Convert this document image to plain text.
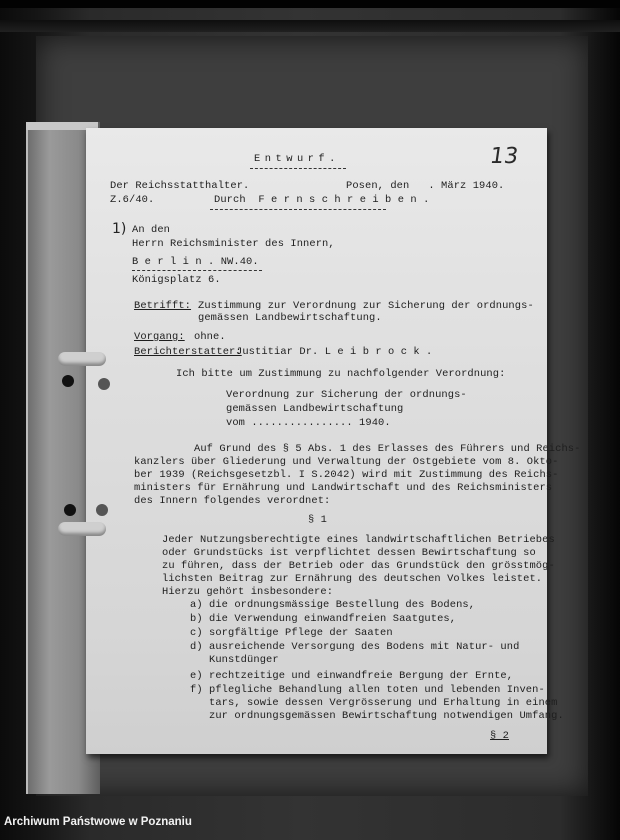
Entwurf.	13
Der Reichsstatthalter.	Posen, den   . März 1940.
Z.6/40.	Durch  F e r n s c h r e i b e n .
1) An den
Herrn Reichsminister des Innern,
B e r l i n . NW.40.
Königsplatz 6.
Betrifft: Zustimmung zur Verordnung zur Sicherung der ordnungs-
gemässen Landbewirtschaftung.
Vorgang: ohne.
Berichterstatter:
Justitiar Dr. L e i b r o c k .
Ich bitte um Zustimmung zu nachfolgender Verordnung:
Verordnung zur Sicherung der ordnungs-
gemässen Landbewirtschaftung
vom ................ 1940.
Auf Grund des § 5 Abs. 1 des Erlasses des Führers und Reichs-
kanzlers über Gliederung und Verwaltung der Ostgebiete vom 8. Okto-
ber 1939 (Reichsgesetzbl. I S.2042) wird mit Zustimmung des Reichs-
ministers für Ernährung und Landwirtschaft und des Reichsministers
des Innern folgendes verordnet:
§ 1
Jeder Nutzungsberechtigte eines landwirtschaftlichen Betriebes
oder Grundstücks ist verpflichtet dessen Bewirtschaftung so
zu führen, dass der Betrieb oder das Grundstück den grösstmög-
lichsten Beitrag zur Ernährung des deutschen Volkes leistet.
Hierzu gehört insbesondere:
a) die ordnungsmässige Bestellung des Bodens,
b) die Verwendung einwandfreien Saatgutes,
c) sorgfältige Pflege der Saaten
d) ausreichende Versorgung des Bodens mit Natur- und
Kunstdünger
e) rechtzeitige und einwandfreie Bergung der Ernte,
f) pflegliche Behandlung allen toten und lebenden Inven-
tars, sowie dessen Vergrösserung und Erhaltung in einem
zur ordnungsgemässen Bewirtschaftung notwendigen Umfang.
§ 2
Archiwum Państwowe w Poznaniu
